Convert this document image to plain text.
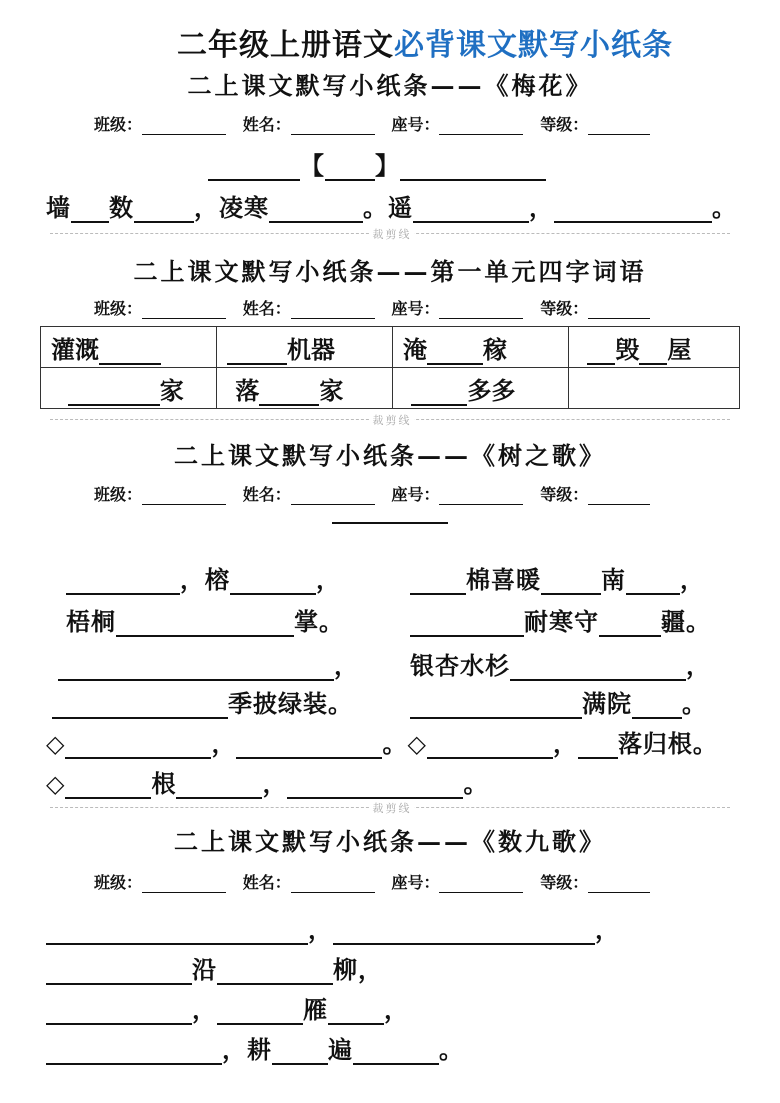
二年级上册语文必背课文默写小纸条
二上课文默写小纸条——《梅花》
班级：	姓名：	座号：	等级：
【 】
墙 数	，凌寒	。遥	，	。
裁剪线
二上课文默写小纸条——第一单元四字词语
班级：	姓名：	座号：	等级：
灌溉	机器	淹 稼	毁 屋
家	落 家	多多	
裁剪线
二上课文默写小纸条——《树之歌》
班级：	姓名：	座号：	等级：
，榕	，	棉喜暖	南 ，
梧桐	掌。	耐寒守	疆。
， 银杏水杉	，
季披绿装。	满院 。
◇	，	。◇	， 落归根。
◇	根	，	。
裁剪线
二上课文默写小纸条——《数九歌》
班级：	姓名：	座号：	等级：
，	，
沿	柳，
，	雁 ，
，耕 遍	。
